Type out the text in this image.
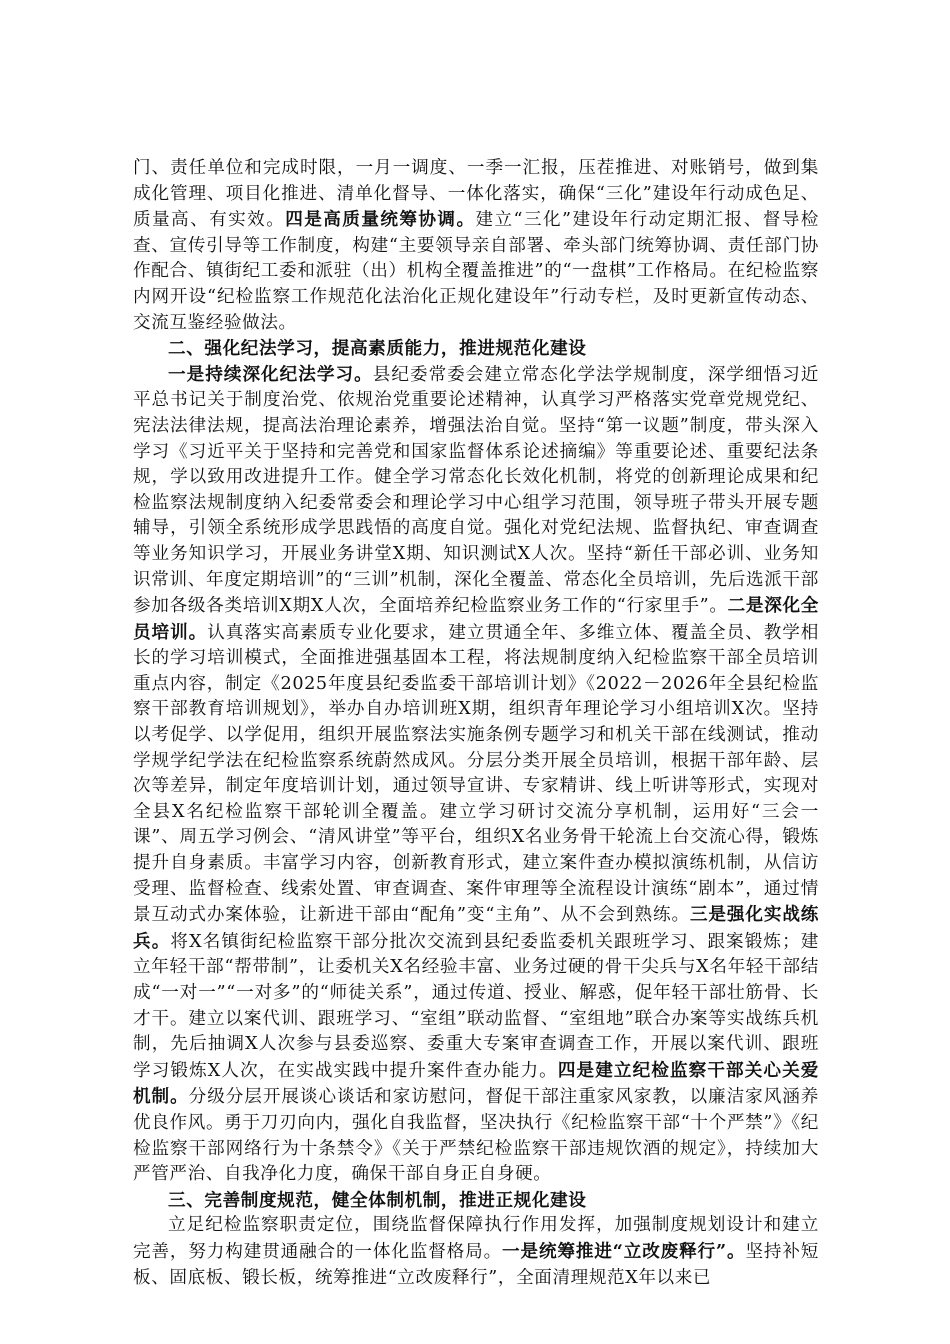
门、责任单位和完成时限，一月一调度、一季一汇报，压茬推进、对账销号，做到集成化管理、项目化推进、清单化督导、一体化落实，确保“三化”建设年行动成色足、质量高、有实效。四是高质量统筹协调。建立“三化”建设年行动定期汇报、督导检查、宣传引导等工作制度，构建“主要领导亲自部署、牵头部门统筹协调、责任部门协作配合、镇街纪工委和派驻（出）机构全覆盖推进”的“一盘棋”工作格局。在纪检监察内网开设“纪检监察工作规范化法治化正规化建设年”行动专栏，及时更新宣传动态、交流互鉴经验做法。

二、强化纪法学习，提高素质能力，推进规范化建设

一是持续深化纪法学习。县纪委常委会建立常态化学法学规制度，深学细悟习近平总书记关于制度治党、依规治党重要论述精神，认真学习严格落实党章党规党纪、宪法法律法规，提高法治理论素养，增强法治自觉。坚持“第一议题”制度，带头深入学习《习近平关于坚持和完善党和国家监督体系论述摘编》等重要论述、重要纪法条规，学以致用改进提升工作。健全学习常态化长效化机制，将党的创新理论成果和纪检监察法规制度纳入纪委常委会和理论学习中心组学习范围，领导班子带头开展专题辅导，引领全系统形成学思践悟的高度自觉。强化对党纪法规、监督执纪、审查调查等业务知识学习，开展业务讲堂X期、知识测试X人次。坚持“新任干部必训、业务知识常训、年度定期培训”的“三训”机制，深化全覆盖、常态化全员培训，先后选派干部参加各级各类培训X期X人次，全面培养纪检监察业务工作的“行家里手”。二是深化全员培训。认真落实高素质专业化要求，建立贯通全年、多维立体、覆盖全员、教学相长的学习培训模式，全面推进强基固本工程，将法规制度纳入纪检监察干部全员培训重点内容，制定《2025年度县纪委监委干部培训计划》《2022－2026年全县纪检监察干部教育培训规划》，举办自办培训班X期，组织青年理论学习小组培训X次。坚持以考促学、以学促用，组织开展监察法实施条例专题学习和机关干部在线测试，推动学规学纪学法在纪检监察系统蔚然成风。分层分类开展全员培训，根据干部年龄、层次等差异，制定年度培训计划，通过领导宣讲、专家精讲、线上听讲等形式，实现对全县X名纪检监察干部轮训全覆盖。建立学习研讨交流分享机制，运用好“三会一课”、周五学习例会、“清风讲堂”等平台，组织X名业务骨干轮流上台交流心得，锻炼提升自身素质。丰富学习内容，创新教育形式，建立案件查办模拟演练机制，从信访受理、监督检查、线索处置、审查调查、案件审理等全流程设计演练“剧本”，通过情景互动式办案体验，让新进干部由“配角”变“主角”、从不会到熟练。三是强化实战练兵。将X名镇街纪检监察干部分批次交流到县纪委监委机关跟班学习、跟案锻炼；建立年轻干部“帮带制”，让委机关X名经验丰富、业务过硬的骨干尖兵与X名年轻干部结成“一对一”“一对多”的“师徒关系”，通过传道、授业、解惑，促年轻干部壮筋骨、长才干。建立以案代训、跟班学习、“室组”联动监督、“室组地”联合办案等实战练兵机制，先后抽调X人次参与县委巡察、委重大专案审查调查工作，开展以案代训、跟班学习锻炼X人次，在实战实践中提升案件查办能力。四是建立纪检监察干部关心关爱机制。分级分层开展谈心谈话和家访慰问，督促干部注重家风家教，以廉洁家风涵养优良作风。勇于刀刃向内，强化自我监督，坚决执行《纪检监察干部“十个严禁”》《纪检监察干部网络行为十条禁令》《关于严禁纪检监察干部违规饮酒的规定》，持续加大严管严治、自我净化力度，确保干部自身正自身硬。

三、完善制度规范，健全体制机制，推进正规化建设

立足纪检监察职责定位，围绕监督保障执行作用发挥，加强制度规划设计和建立完善，努力构建贯通融合的一体化监督格局。一是统筹推进“立改废释行”。坚持补短板、固底板、锻长板，统筹推进“立改废释行”，全面清理规范X年以来已
